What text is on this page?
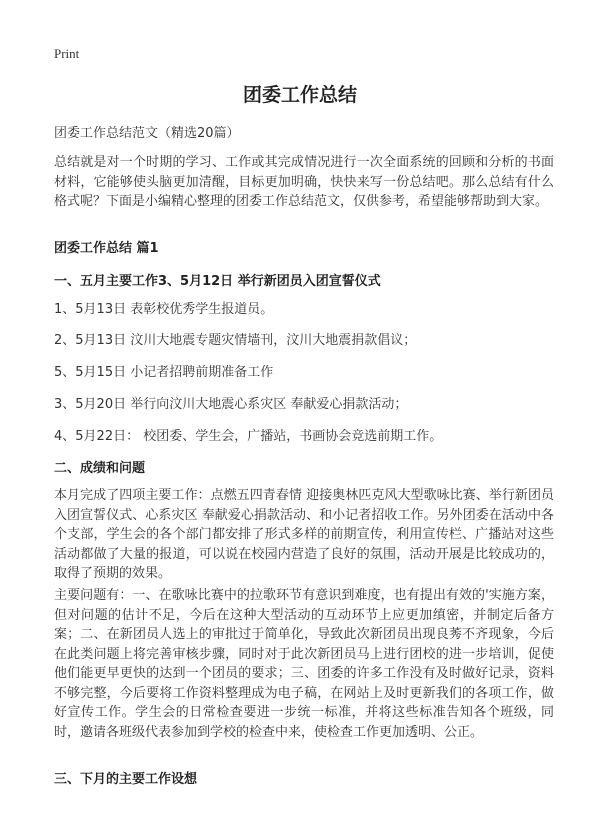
Print
团委工作总结

团委工作总结范文（精选20篇）

总结就是对一个时期的学习、工作或其完成情况进行一次全面系统的回顾和分析的书面材料，它能够使头脑更加清醒，目标更加明确，快快来写一份总结吧。那么总结有什么格式呢？下面是小编精心整理的团委工作总结范文，仅供参考，希望能够帮助到大家。

团委工作总结 篇1

一、五月主要工作3、5月12日 举行新团员入团宣誓仪式

1、5月13日 表彰校优秀学生报道员。

2、5月13日 汶川大地震专题灾情墙刊，汶川大地震捐款倡议；

5、5月15日 小记者招聘前期准备工作

3、5月20日 举行向汶川大地震心系灾区 奉献爱心捐款活动；

4、5月22日： 校团委、学生会，广播站，书画协会竞选前期工作。

二、成绩和问题

本月完成了四项主要工作：点燃五四青春情 迎接奥林匹克风大型歌咏比赛、举行新团员入团宣誓仪式、心系灾区 奉献爱心捐款活动、和小记者招收工作。另外团委在活动中各个支部，学生会的各个部门都安排了形式多样的前期宣传，利用宣传栏、广播站对这些活动都做了大量的报道，可以说在校园内营造了良好的氛围，活动开展是比较成功的，取得了预期的效果。

主要问题有：一、在歌咏比赛中的拉歌环节有意识到难度，也有提出有效的'实施方案，但对问题的估计不足，今后在这种大型活动的互动环节上应更加缜密，并制定后备方案；二、在新团员人选上的审批过于简单化，导致此次新团员出现良莠不齐现象，今后在此类问题上将完善审核步骤，同时对于此次新团员马上进行团校的进一步培训，促使他们能更早更快的达到一个团员的要求；三、团委的许多工作没有及时做好记录，资料不够完整，今后要将工作资料整理成为电子稿，在网站上及时更新我们的各项工作，做好宣传工作。学生会的日常检查要进一步统一标准，并将这些标准告知各个班级，同时，邀请各班级代表参加到学校的检查中来，使检查工作更加透明、公正。

三、下月的主要工作设想
